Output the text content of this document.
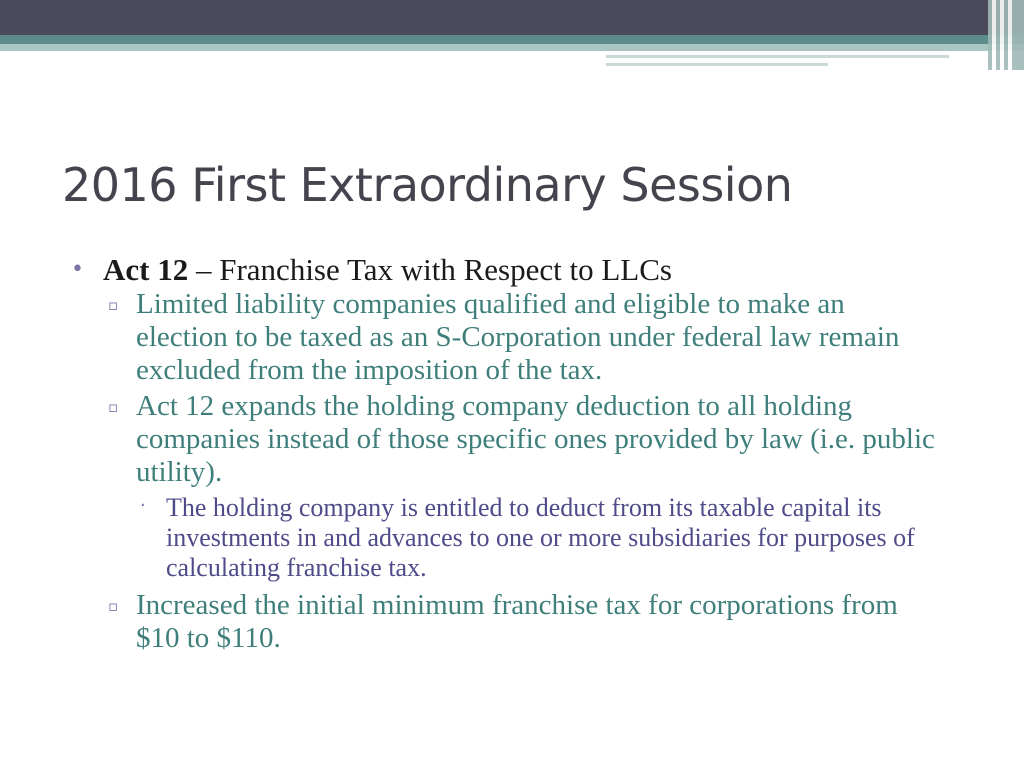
2016 First Extraordinary Session
• Act 12 – Franchise Tax with Respect to LLCs
▫ Limited liability companies qualified and eligible to make an election to be taxed as an S-Corporation under federal law remain excluded from the imposition of the tax.
▫ Act 12 expands the holding company deduction to all holding companies instead of those specific ones provided by law (i.e. public utility).
· The holding company is entitled to deduct from its taxable capital its investments in and advances to one or more subsidiaries for purposes of calculating franchise tax.
▫ Increased the initial minimum franchise tax for corporations from $10 to $110.
